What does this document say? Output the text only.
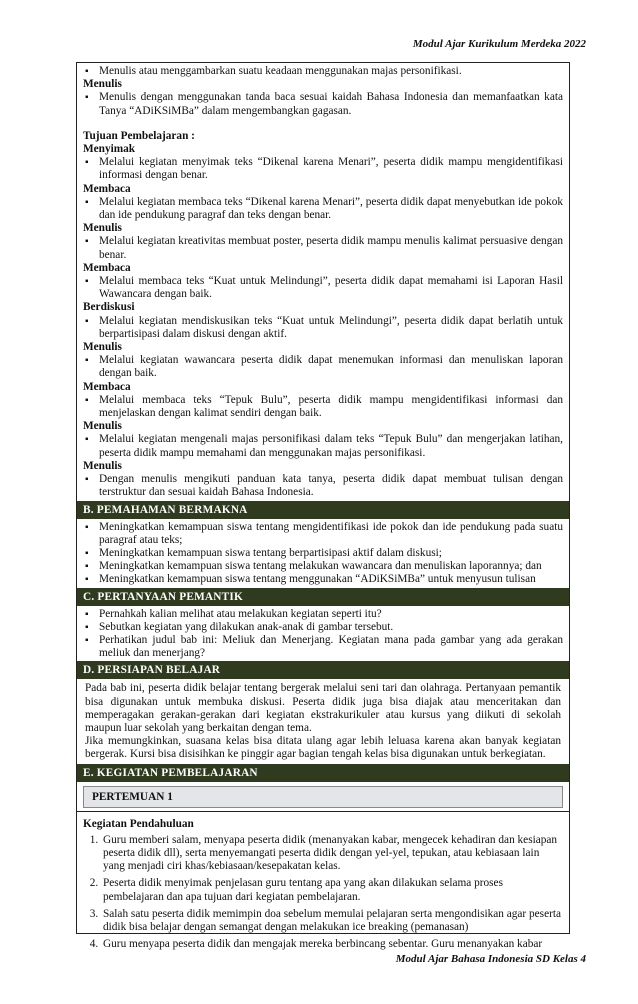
Modul Ajar Kurikulum Merdeka 2022
▪ Menulis atau menggambarkan suatu keadaan menggunakan majas personifikasi.

Menulis

▪ Menulis dengan menggunakan tanda baca sesuai kaidah Bahasa Indonesia dan memanfaatkan kata Tanya “ADiKSiMBa” dalam mengembangkan gagasan.

Tujuan Pembelajaran :

Menyimak

▪ Melalui kegiatan menyimak teks “Dikenal karena Menari”, peserta didik mampu mengidentifikasi informasi dengan benar.

Membaca

▪ Melalui kegiatan membaca teks “Dikenal karena Menari”, peserta didik dapat menyebutkan ide pokok dan ide pendukung paragraf dan teks dengan benar.

Menulis

▪ Melalui kegiatan kreativitas membuat poster, peserta didik mampu menulis kalimat persuasive dengan benar.

Membaca

▪ Melalui membaca teks “Kuat untuk Melindungi”, peserta didik dapat memahami isi Laporan Hasil Wawancara dengan baik.

Berdiskusi

▪ Melalui kegiatan mendiskusikan teks “Kuat untuk Melindungi”, peserta didik dapat berlatih untuk berpartisipasi dalam diskusi dengan aktif.

Menulis

▪ Melalui kegiatan wawancara peserta didik dapat menemukan informasi dan menuliskan laporan dengan baik.

Membaca

▪ Melalui membaca teks “Tepuk Bulu”, peserta didik mampu mengidentifikasi informasi dan menjelaskan dengan kalimat sendiri dengan baik.

Menulis

▪ Melalui kegiatan mengenali majas personifikasi dalam teks “Tepuk Bulu” dan mengerjakan latihan, peserta didik mampu memahami dan menggunakan majas personifikasi.

Menulis

▪ Dengan menulis mengikuti panduan kata tanya, peserta didik dapat membuat tulisan dengan terstruktur dan sesuai kaidah Bahasa Indonesia.
B. PEMAHAMAN BERMAKNA
▪ Meningkatkan kemampuan siswa tentang mengidentifikasi ide pokok dan ide pendukung pada suatu paragraf atau teks;
▪ Meningkatkan kemampuan siswa tentang berpartisipasi aktif dalam diskusi;
▪ Meningkatkan kemampuan siswa tentang melakukan wawancara dan menuliskan laporannya; dan
▪ Meningkatkan kemampuan siswa tentang menggunakan “ADiKSiMBa” untuk menyusun tulisan
C. PERTANYAAN PEMANTIK
▪ Pernahkah kalian melihat atau melakukan kegiatan seperti itu?
▪ Sebutkan kegiatan yang dilakukan anak-anak di gambar tersebut.
▪ Perhatikan judul bab ini: Meliuk dan Menerjang. Kegiatan mana pada gambar yang ada gerakan meliuk dan menerjang?
D. PERSIAPAN BELAJAR

Pada bab ini, peserta didik belajar tentang bergerak melalui seni tari dan olahraga. Pertanyaan pemantik bisa digunakan untuk membuka diskusi. Peserta didik juga bisa diajak atau menceritakan dan memperagakan gerakan-gerakan dari kegiatan ekstrakurikuler atau kursus yang diikuti di sekolah maupun luar sekolah yang berkaitan dengan tema.

Jika memungkinkan, suasana kelas bisa ditata ulang agar lebih leluasa karena akan banyak kegiatan bergerak. Kursi bisa disisihkan ke pinggir agar bagian tengah kelas bisa digunakan untuk berkegiatan.

E. KEGIATAN PEMBELAJARAN
PERTEMUAN 1

Kegiatan Pendahuluan

1. Guru memberi salam, menyapa peserta didik (menanyakan kabar, mengecek kehadiran dan kesiapan peserta didik dll), serta menyemangati peserta didik dengan yel-yel, tepukan, atau kebiasaan lain yang menjadi ciri khas/kebiasaan/kesepakatan kelas.
2. Peserta didik menyimak penjelasan guru tentang apa yang akan dilakukan selama proses pembelajaran dan apa tujuan dari kegiatan pembelajaran.
3. Salah satu peserta didik memimpin doa sebelum memulai pelajaran serta mengondisikan agar peserta didik bisa belajar dengan semangat dengan melakukan ice breaking (pemanasan)
4. Guru menyapa peserta didik dan mengajak mereka berbincang sebentar. Guru menanyakan kabar
Modul Ajar Bahasa Indonesia SD Kelas 4
